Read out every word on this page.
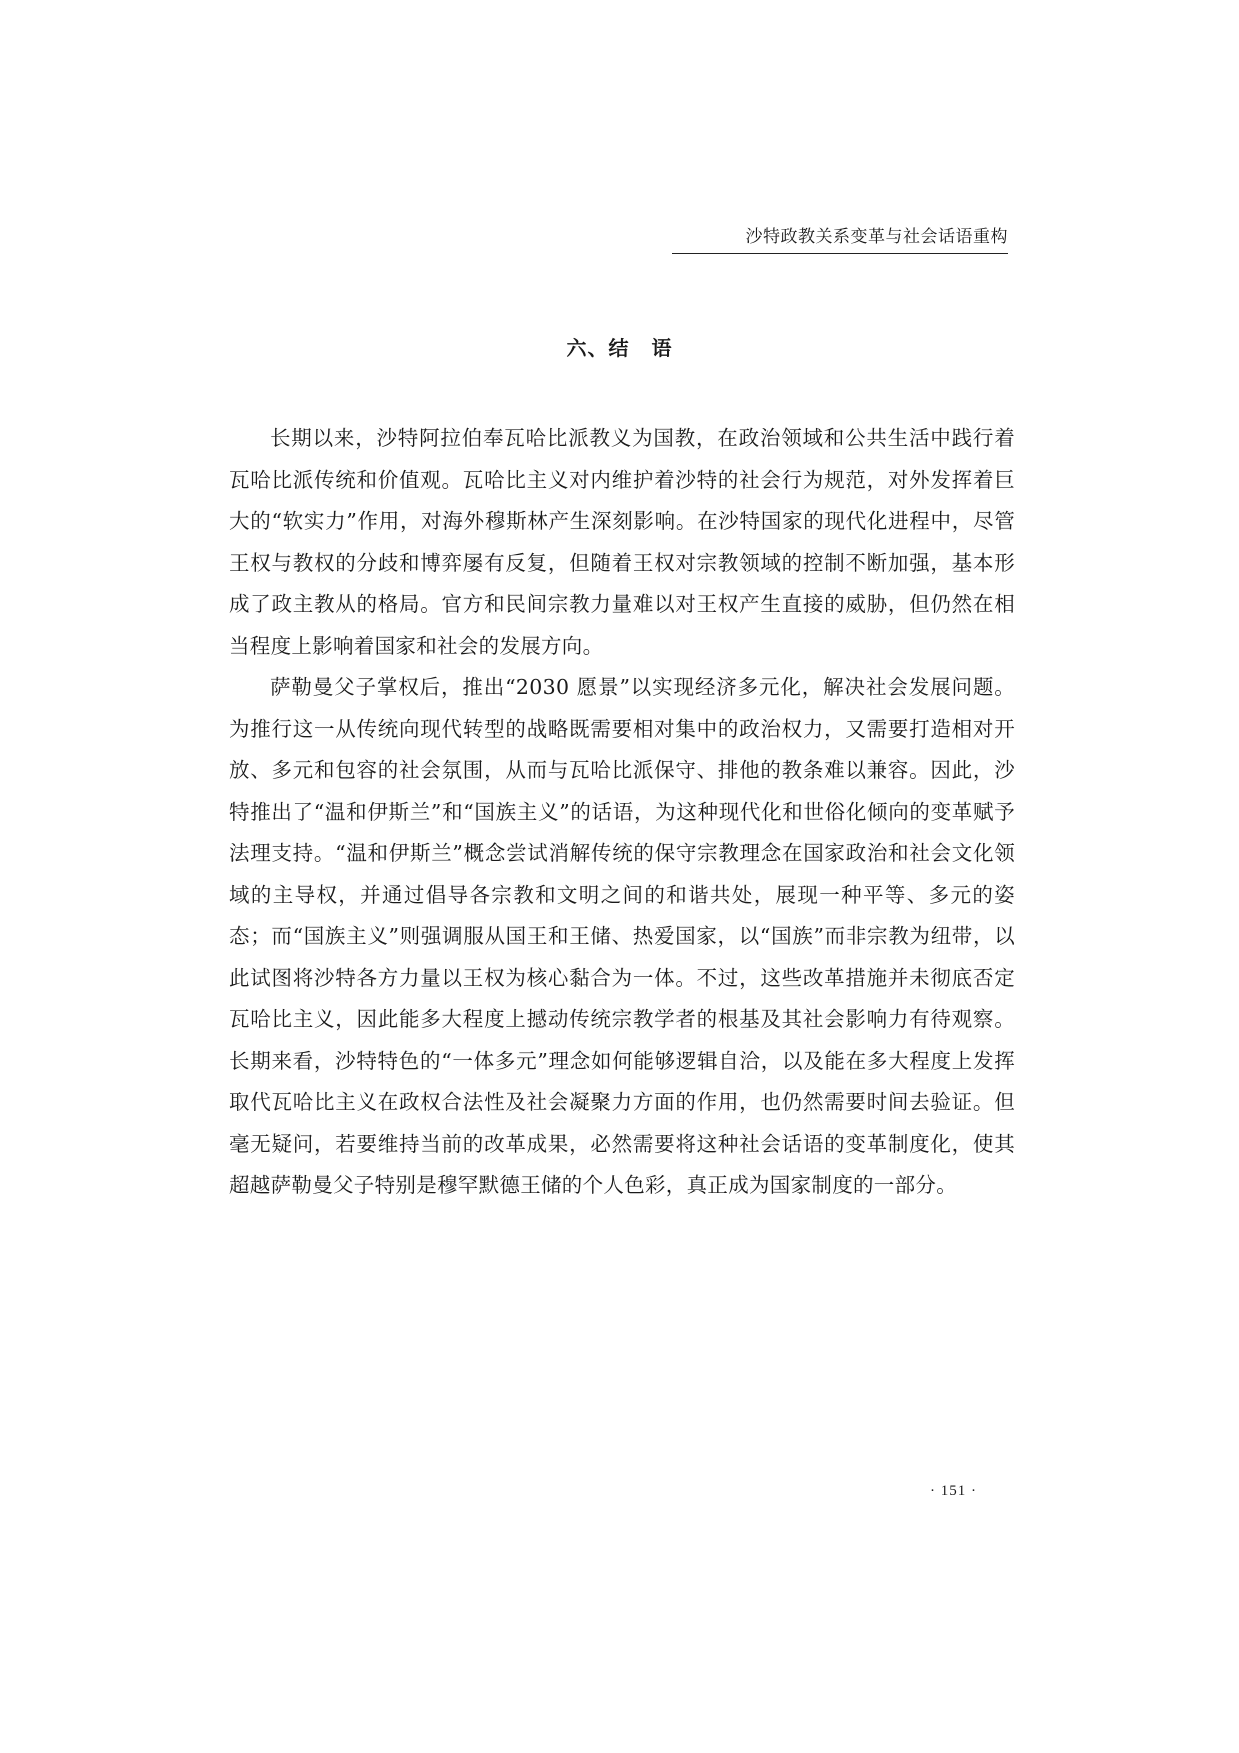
沙特政教关系变革与社会话语重构
六、结 语

长期以来，沙特阿拉伯奉瓦哈比派教义为国教，在政治领域和公共生活中践行着瓦哈比派传统和价值观。瓦哈比主义对内维护着沙特的社会行为规范，对外发挥着巨大的“软实力”作用，对海外穆斯林产生深刻影响。在沙特国家的现代化进程中，尽管王权与教权的分歧和博弈屡有反复，但随着王权对宗教领域的控制不断加强，基本形成了政主教从的格局。官方和民间宗教力量难以对王权产生直接的威胁，但仍然在相当程度上影响着国家和社会的发展方向。

萨勒曼父子掌权后，推出“2030 愿景”以实现经济多元化，解决社会发展问题。为推行这一从传统向现代转型的战略既需要相对集中的政治权力，又需要打造相对开放、多元和包容的社会氛围，从而与瓦哈比派保守、排他的教条难以兼容。因此，沙特推出了“温和伊斯兰”和“国族主义”的话语，为这种现代化和世俗化倾向的变革赋予法理支持。“温和伊斯兰”概念尝试消解传统的保守宗教理念在国家政治和社会文化领域的主导权，并通过倡导各宗教和文明之间的和谐共处，展现一种平等、多元的姿态；而“国族主义”则强调服从国王和王储、热爱国家，以“国族”而非宗教为纽带，以此试图将沙特各方力量以王权为核心黏合为一体。不过，这些改革措施并未彻底否定瓦哈比主义，因此能多大程度上撼动传统宗教学者的根基及其社会影响力有待观察。长期来看，沙特特色的“一体多元”理念如何能够逻辑自洽，以及能在多大程度上发挥取代瓦哈比主义在政权合法性及社会凝聚力方面的作用，也仍然需要时间去验证。但毫无疑问，若要维持当前的改革成果，必然需要将这种社会话语的变革制度化，使其超越萨勒曼父子特别是穆罕默德王储的个人色彩，真正成为国家制度的一部分。

· 151 ·
